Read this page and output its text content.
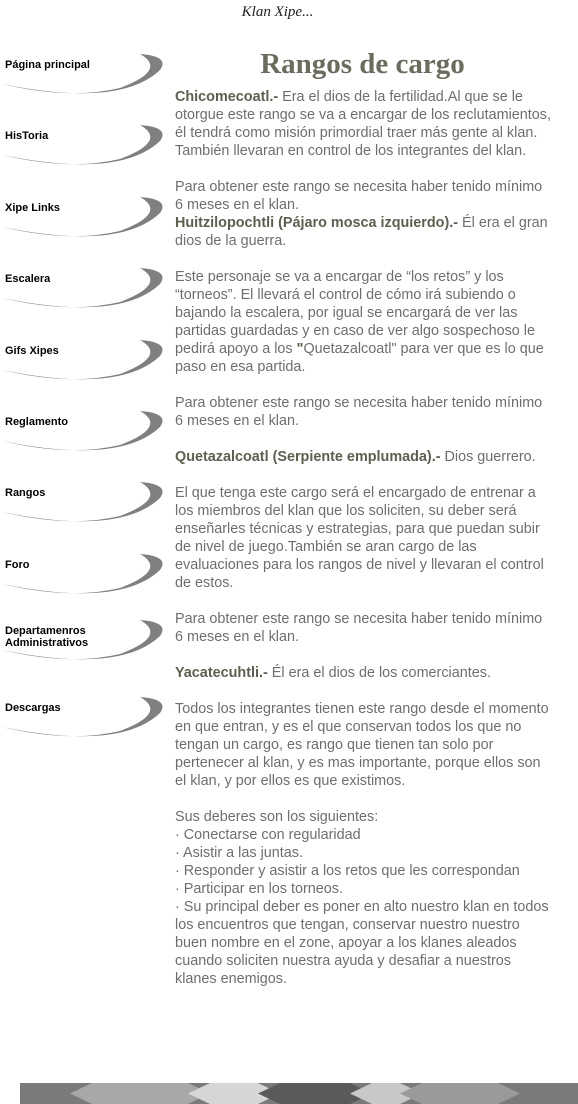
Klan Xipe...
Página principal
HisToria
Xipe Links
Escalera
Gifs Xipes
Reglamento
Rangos
Foro
Departamenros Administrativos
Descargas
Rangos de cargo

Chicomecoatl.- Era el dios de la fertilidad.Al que se le otorgue este rango se va a encargar de los reclutamientos, él tendrá como misión primordial traer más gente al klan. También llevaran en control de los integrantes del klan.

Para obtener este rango se necesita haber tenido mínimo 6 meses en el klan.

Huitzilopochtli (Pájaro mosca izquierdo).- Él era el gran dios de la guerra.

Este personaje se va a encargar de “los retos” y los “torneos”. El llevará el control de cómo irá subiendo o bajando la escalera, por igual se encargará de ver las partidas guardadas y en caso de ver algo sospechoso le pedirá apoyo a los "Quetazalcoatl" para ver que es lo que paso en esa partida.

Para obtener este rango se necesita haber tenido mínimo 6 meses en el klan.

Quetazalcoatl (Serpiente emplumada).- Dios guerrero.

El que tenga este cargo será el encargado de entrenar a los miembros del klan que los soliciten, su deber será enseñarles técnicas y estrategias, para que puedan subir de nivel de juego.También se aran cargo de las evaluaciones para los rangos de nivel y llevaran el control de estos.

Para obtener este rango se necesita haber tenido mínimo 6 meses en el klan.

Yacatecuhtli.- Él era el dios de los comerciantes.

Todos los integrantes tienen este rango desde el momento en que entran, y es el que conservan todos los que no tengan un cargo, es rango que tienen tan solo por pertenecer al klan, y es mas importante, porque ellos son el klan, y por ellos es que existimos.

Sus deberes son los siguientes:

· Conectarse con regularidad

· Asistir a las juntas.

· Responder y asistir a los retos que les correspondan

· Participar en los torneos.

· Su principal deber es poner en alto nuestro klan en todos los encuentros que tengan, conservar nuestro nuestro buen nombre en el zone, apoyar a los klanes aleados cuando soliciten nuestra ayuda y desafiar a nuestros klanes enemigos.
